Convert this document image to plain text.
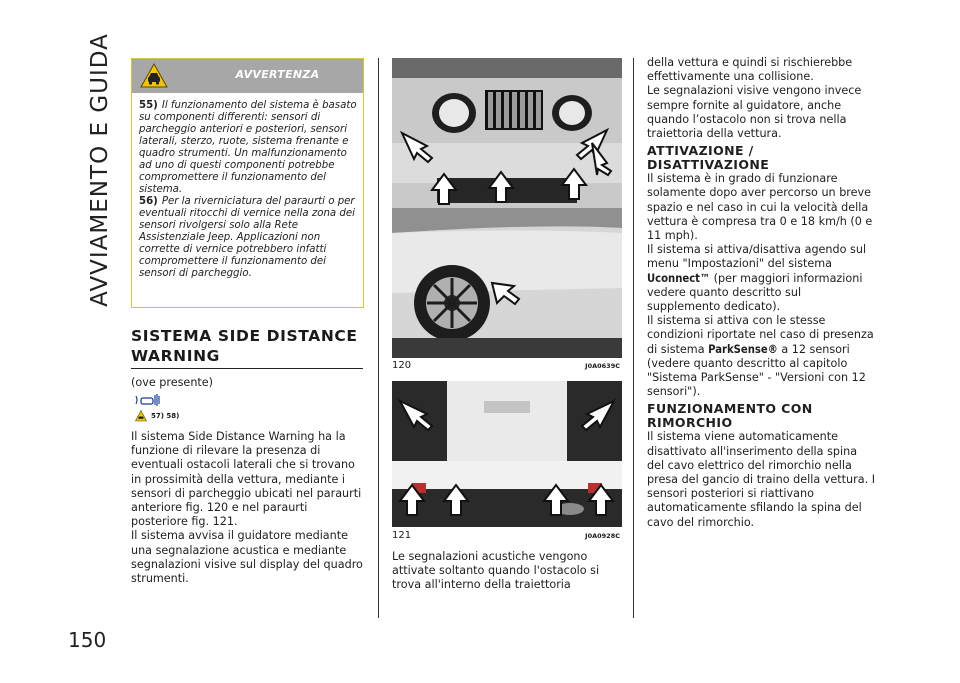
AVVIAMENTO E GUIDA	AVVERTENZA

55) Il funzionamento del sistema è basato su componenti differenti: sensori di parcheggio anteriori e posteriori, sensori laterali, sterzo, ruote, sistema frenante e quadro strumenti. Un malfunzionamento ad uno di questi componenti potrebbe compromettere il funzionamento del sistema.

56) Per la riverniciatura del paraurti o per eventuali ritocchi di vernice nella zona dei sensori rivolgersi solo alla Rete Assistenziale Jeep. Applicazioni non corrette di vernice potrebbero infatti compromettere il funzionamento dei sensori di parcheggio.

SISTEMA SIDE DISTANCE WARNING
(ove presente)
57) 58)

Il sistema Side Distance Warning ha la funzione di rilevare la presenza di eventuali ostacoli laterali che si trovano in prossimità della vettura, mediante i sensori di parcheggio ubicati nel paraurti anteriore fig. 120 e nel paraurti posteriore fig. 121.

Il sistema avvisa il guidatore mediante una segnalazione acustica e mediante segnalazioni visive sul display del quadro strumenti.

120	J0A0639C
121	J0A0928C

Le segnalazioni acustiche vengono attivate soltanto quando l'ostacolo si trova all'interno della traiettoria

della vettura e quindi si rischierebbe effettivamente una collisione.

Le segnalazioni visive vengono invece sempre fornite al guidatore, anche quando l’ostacolo non si trova nella traiettoria della vettura.

ATTIVAZIONE / DISATTIVAZIONE

Il sistema è in grado di funzionare solamente dopo aver percorso un breve spazio e nel caso in cui la velocità della vettura è compresa tra 0 e 18 km/h (0 e 11 mph).

Il sistema si attiva/disattiva agendo sul menu "Impostazioni" del sistema Uconnect™ (per maggiori informazioni vedere quanto descritto sul supplemento dedicato).

Il sistema si attiva con le stesse condizioni riportate nel caso di presenza di sistema ParkSense® a 12 sensori (vedere quanto descritto al capitolo "Sistema ParkSense" - "Versioni con 12 sensori").

FUNZIONAMENTO CON RIMORCHIO

Il sistema viene automaticamente disattivato all'inserimento della spina del cavo elettrico del rimorchio nella presa del gancio di traino della vettura. I sensori posteriori si riattivano automaticamente sfilando la spina del cavo del rimorchio.

150
